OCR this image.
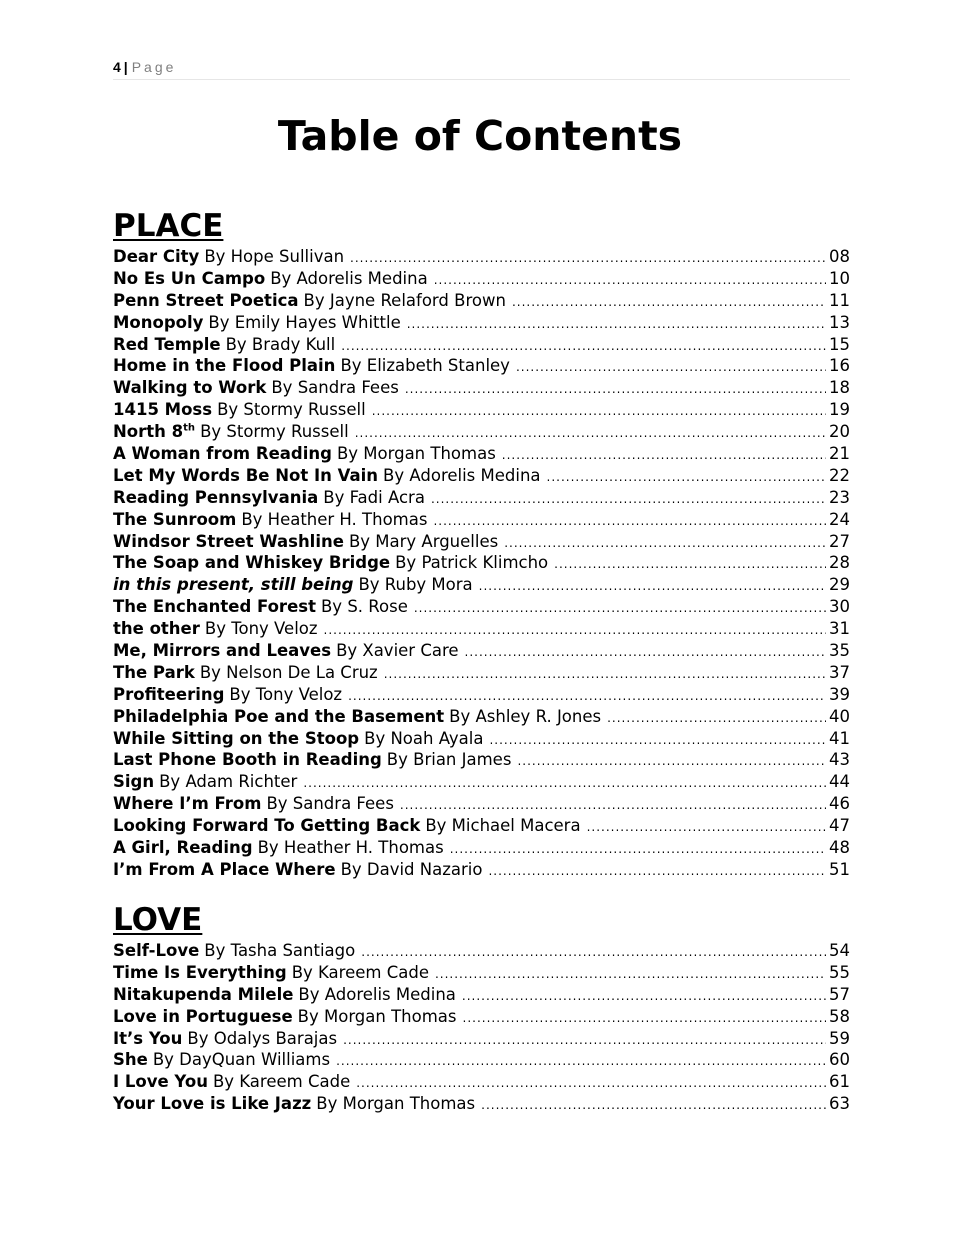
4 | Page
Table of Contents
PLACE
Dear City By Hope Sullivan .....	08
No Es Un Campo By Adorelis Medina .....	10
Penn Street Poetica By Jayne Relaford Brown .....	11
Monopoly By Emily Hayes Whittle .....	13
Red Temple By Brady Kull .....	15
Home in the Flood Plain By Elizabeth Stanley .....	16
Walking to Work By Sandra Fees .....	18
1415 Moss By Stormy Russell .....	19
North 8th By Stormy Russell .....	20
A Woman from Reading By Morgan Thomas .....	21
Let My Words Be Not In Vain By Adorelis Medina .....	22
Reading Pennsylvania By Fadi Acra .....	23
The Sunroom By Heather H. Thomas .....	24
Windsor Street Washline By Mary Arguelles .....	27
The Soap and Whiskey Bridge By Patrick Klimcho .....	28
in this present, still being By Ruby Mora .....	29
The Enchanted Forest By S. Rose .....	30
the other By Tony Veloz .....	31
Me, Mirrors and Leaves By Xavier Care .....	35
The Park By Nelson De La Cruz .....	37
Profiteering By Tony Veloz .....	39
Philadelphia Poe and the Basement By Ashley R. Jones .....	40
While Sitting on the Stoop By Noah Ayala .....	41
Last Phone Booth in Reading By Brian James .....	43
Sign By Adam Richter .....	44
Where I’m From By Sandra Fees .....	46
Looking Forward To Getting Back By Michael Macera .....	47
A Girl, Reading By Heather H. Thomas .....	48
I’m From A Place Where By David Nazario .....	51
LOVE
Self-Love By Tasha Santiago .....	54
Time Is Everything By Kareem Cade .....	55
Nitakupenda Milele By Adorelis Medina .....	57
Love in Portuguese By Morgan Thomas .....	58
It’s You By Odalys Barajas .....	59
She By DayQuan Williams .....	60
I Love You By Kareem Cade .....	61
Your Love is Like Jazz By Morgan Thomas .....	63
